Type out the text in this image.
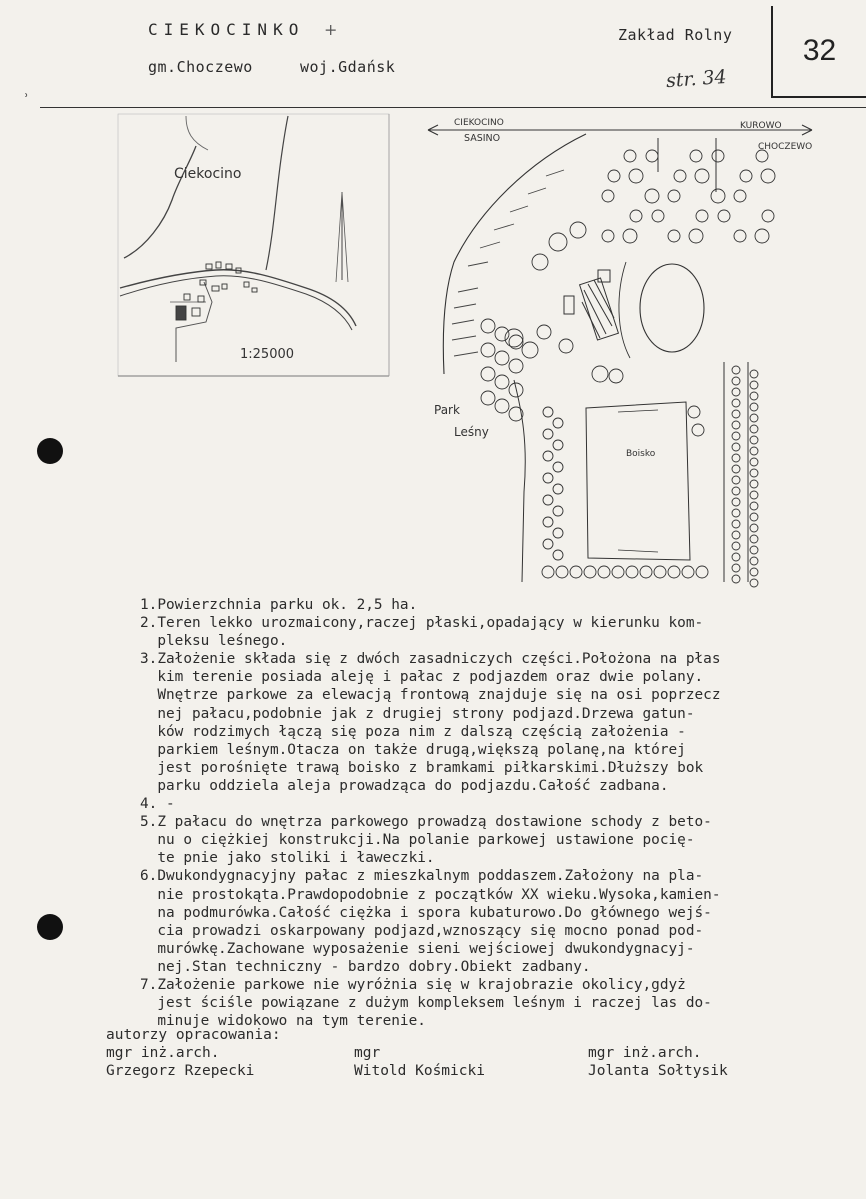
CIEKOCINKO +
gm.Choczewo	woj.Gdańsk
Zakład Rolny
str. 34
32
ʾ
Ciekocino
1:25000
CIEKOCINO
SASINO
KUROWO
CHOCZEWO
Boisko
Park
Leśny
1.Powierzchnia parku ok. 2,5 ha.
2.Teren lekko urozmaicony,raczej płaski,opadający w kierunku kom-
pleksu leśnego.
3.Założenie składa się z dwóch zasadniczych części.Położona na płas
kim terenie posiada aleję i pałac z podjazdem oraz dwie polany.
Wnętrze parkowe za elewacją frontową znajduje się na osi poprzecz
nej pałacu,podobnie jak z drugiej strony podjazd.Drzewa gatun-
ków rodzimych łączą się poza nim z dalszą częścią założenia -
parkiem leśnym.Otacza on także drugą,większą polanę,na której
jest porośnięte trawą boisko z bramkami piłkarskimi.Dłuższy bok
parku oddziela aleja prowadząca do podjazdu.Całość zadbana.
4. -
5.Z pałacu do wnętrza parkowego prowadzą dostawione schody z beto-
nu o ciężkiej konstrukcji.Na polanie parkowej ustawione pocię-
te pnie jako stoliki i ławeczki.
6.Dwukondygnacyjny pałac z mieszkalnym poddaszem.Założony na pla-
nie prostokąta.Prawdopodobnie z początków XX wieku.Wysoka,kamien-
na podmurówka.Całość ciężka i spora kubaturowo.Do głównego wejś-
cia prowadzi oskarpowany podjazd,wznoszący się mocno ponad pod-
murówkę.Zachowane wyposażenie sieni wejściowej dwukondygnacyj-
nej.Stan techniczny - bardzo dobry.Obiekt zadbany.
7.Założenie parkowe nie wyróżnia się w krajobrazie okolicy,gdyż
jest ściśle powiązane z dużym kompleksem leśnym i raczej las do-
minuje widokowo na tym terenie.
autorzy opracowania:
mgr inż.arch.
Grzegorz Rzepecki
mgr
Witold Kośmicki
mgr inż.arch.
Jolanta Sołtysik
